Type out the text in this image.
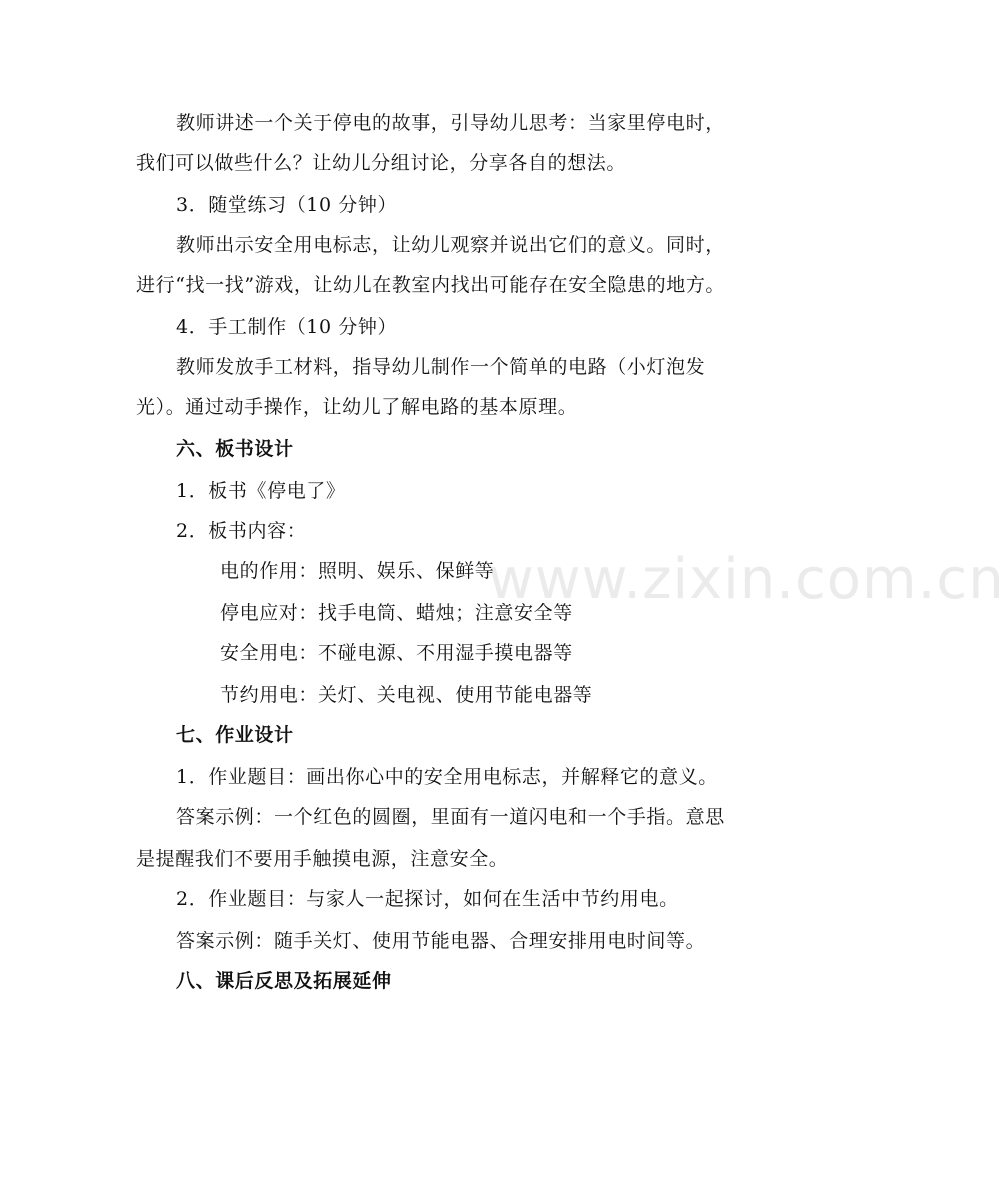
www.zixin.com.cn
教师讲述一个关于停电的故事，引导幼儿思考：当家里停电时，
我们可以做些什么？让幼儿分组讨论，分享各自的想法。
3．随堂练习（10 分钟）
教师出示安全用电标志，让幼儿观察并说出它们的意义。同时，
进行“找一找”游戏，让幼儿在教室内找出可能存在安全隐患的地方。
4．手工制作（10 分钟）
教师发放手工材料，指导幼儿制作一个简单的电路（小灯泡发
光）。通过动手操作，让幼儿了解电路的基本原理。
六、板书设计
1．板书《停电了》
2．板书内容：
电的作用：照明、娱乐、保鲜等
停电应对：找手电筒、蜡烛；注意安全等
安全用电：不碰电源、不用湿手摸电器等
节约用电：关灯、关电视、使用节能电器等
七、作业设计
1．作业题目：画出你心中的安全用电标志，并解释它的意义。
答案示例：一个红色的圆圈，里面有一道闪电和一个手指。意思
是提醒我们不要用手触摸电源，注意安全。
2．作业题目：与家人一起探讨，如何在生活中节约用电。
答案示例：随手关灯、使用节能电器、合理安排用电时间等。
八、课后反思及拓展延伸
